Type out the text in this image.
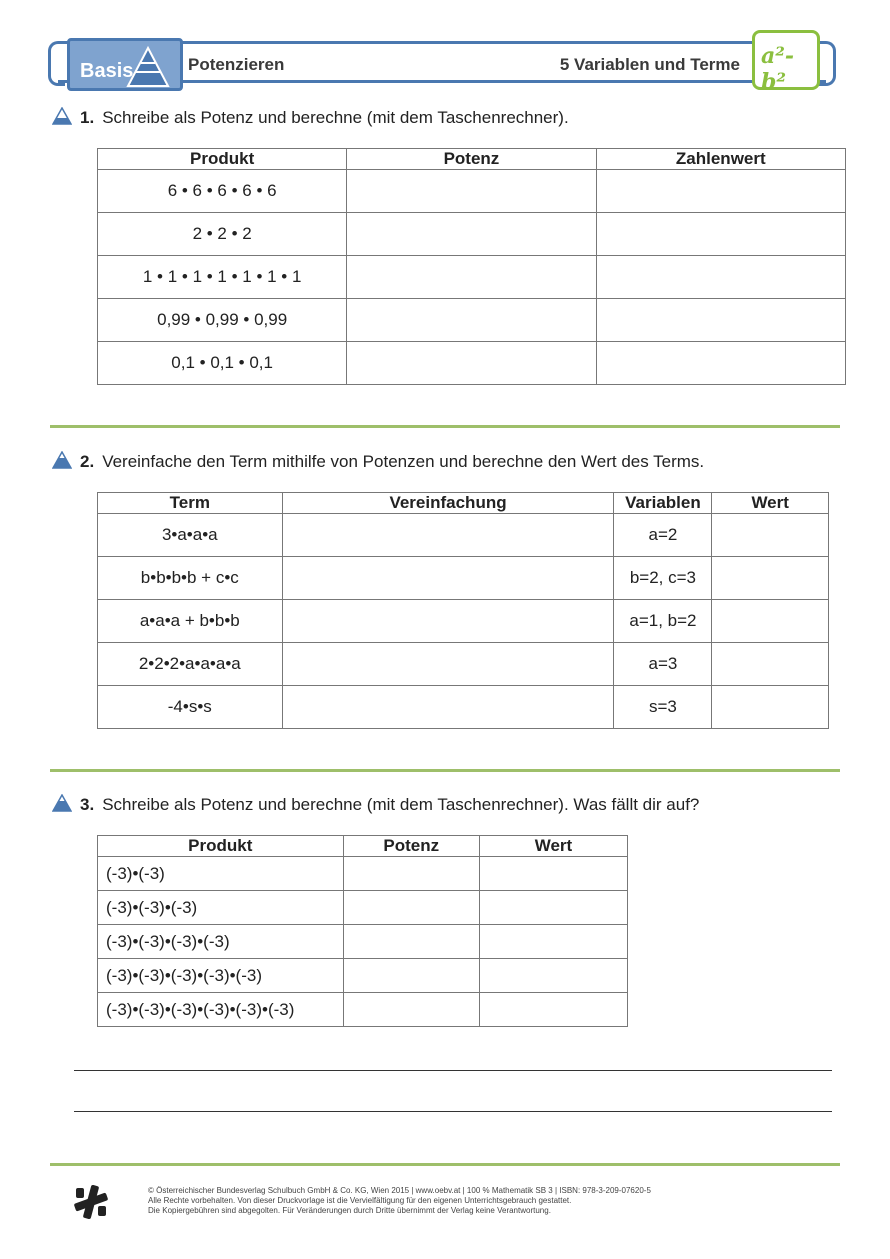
Basis	Potenzieren	5 Variablen und Terme a²-b²
1. Schreibe als Potenz und berechne (mit dem Taschenrechner).
Produkt	Potenz	Zahlenwert
6 • 6 • 6 • 6 • 6		
2 • 2 • 2		
1 • 1 • 1 • 1 • 1 • 1 • 1		
0,99 • 0,99 • 0,99		
0,1 • 0,1 • 0,1		
2. Vereinfache den Term mithilfe von Potenzen und berechne den Wert des Terms.
Term	Vereinfachung	Variablen	Wert
3•a•a•a		a=2	
b•b•b•b + c•c		b=2, c=3	
a•a•a + b•b•b		a=1, b=2	
2•2•2•a•a•a•a		a=3	
-4•s•s		s=3	
3. Schreibe als Potenz und berechne (mit dem Taschenrechner). Was fällt dir auf?
Produkt	Potenz	Wert
(-3)•(-3)		
(-3)•(-3)•(-3)		
(-3)•(-3)•(-3)•(-3)		
(-3)•(-3)•(-3)•(-3)•(-3)		
(-3)•(-3)•(-3)•(-3)•(-3)•(-3)		
© Österreichischer Bundesverlag Schulbuch GmbH & Co. KG, Wien 2015 | www.oebv.at | 100 % Mathematik SB 3 | ISBN: 978-3-209-07620-5
Alle Rechte vorbehalten. Von dieser Druckvorlage ist die Vervielfältigung für den eigenen Unterrichtsgebrauch gestattet.
Die Kopiergebühren sind abgegolten. Für Veränderungen durch Dritte übernimmt der Verlag keine Verantwortung.
